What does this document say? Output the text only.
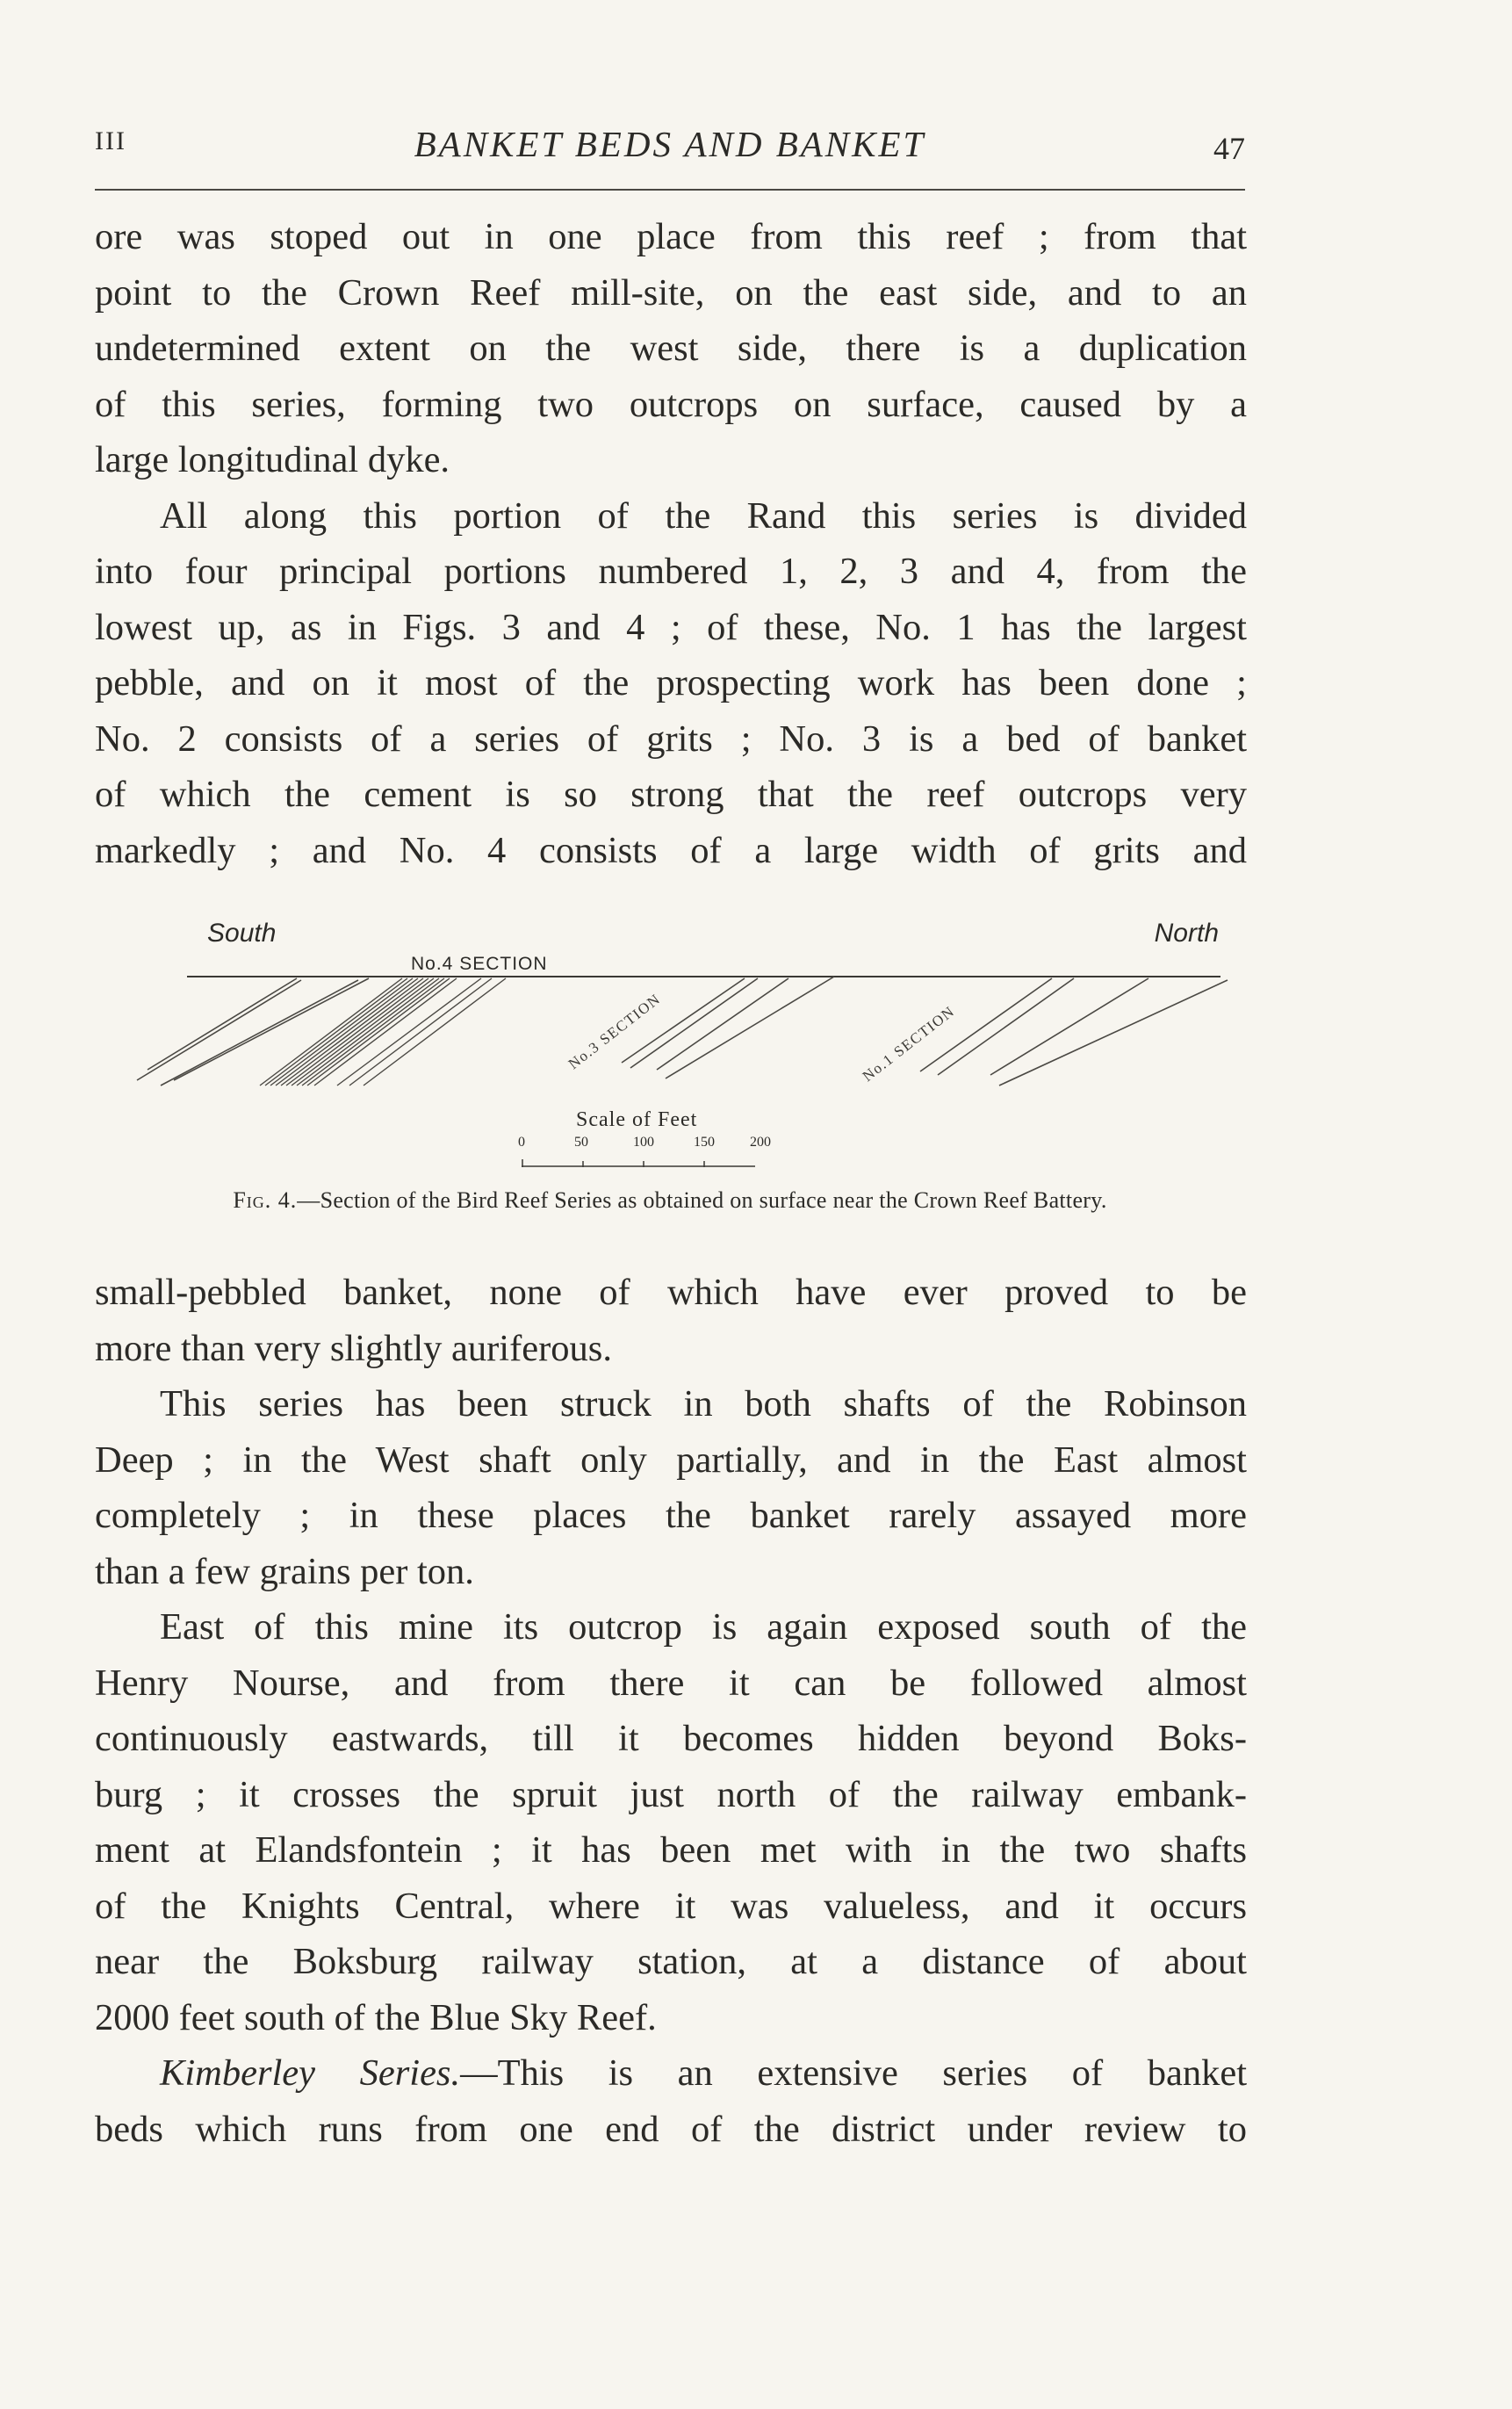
III	BANKET BEDS AND BANKET	47

ore was stoped out in one place from this reef ; from that
point to the Crown Reef mill-site, on the east side, and to an
undetermined extent on the west side, there is a duplication
of this series, forming two outcrops on surface, caused by a
large longitudinal dyke.

All along this portion of the Rand this series is divided
into four principal portions numbered 1, 2, 3 and 4, from the
lowest up, as in Figs. 3 and 4 ; of these, No. 1 has the largest
pebble, and on it most of the prospecting work has been done ;
No. 2 consists of a series of grits ; No. 3 is a bed of banket
of which the cement is so strong that the reef outcrops very
markedly ; and No. 4 consists of a large width of grits and

South	North
No.4 SECTION
No.3 SECTION	No.1 SECTION
Scale of Feet
0	50	100	150	200
Fig. 4.—Section of the Bird Reef Series as obtained on surface near the Crown Reef Battery.

small-pebbled banket, none of which have ever proved to be
more than very slightly auriferous.

This series has been struck in both shafts of the Robinson
Deep ; in the West shaft only partially, and in the East almost
completely ; in these places the banket rarely assayed more
than a few grains per ton.

East of this mine its outcrop is again exposed south of the
Henry Nourse, and from there it can be followed almost
continuously eastwards, till it becomes hidden beyond Boks-
burg ; it crosses the spruit just north of the railway embank-
ment at Elandsfontein ; it has been met with in the two shafts
of the Knights Central, where it was valueless, and it occurs
near the Boksburg railway station, at a distance of about
2000 feet south of the Blue Sky Reef.

Kimberley Series.—This is an extensive series of banket
beds which runs from one end of the district under review to
